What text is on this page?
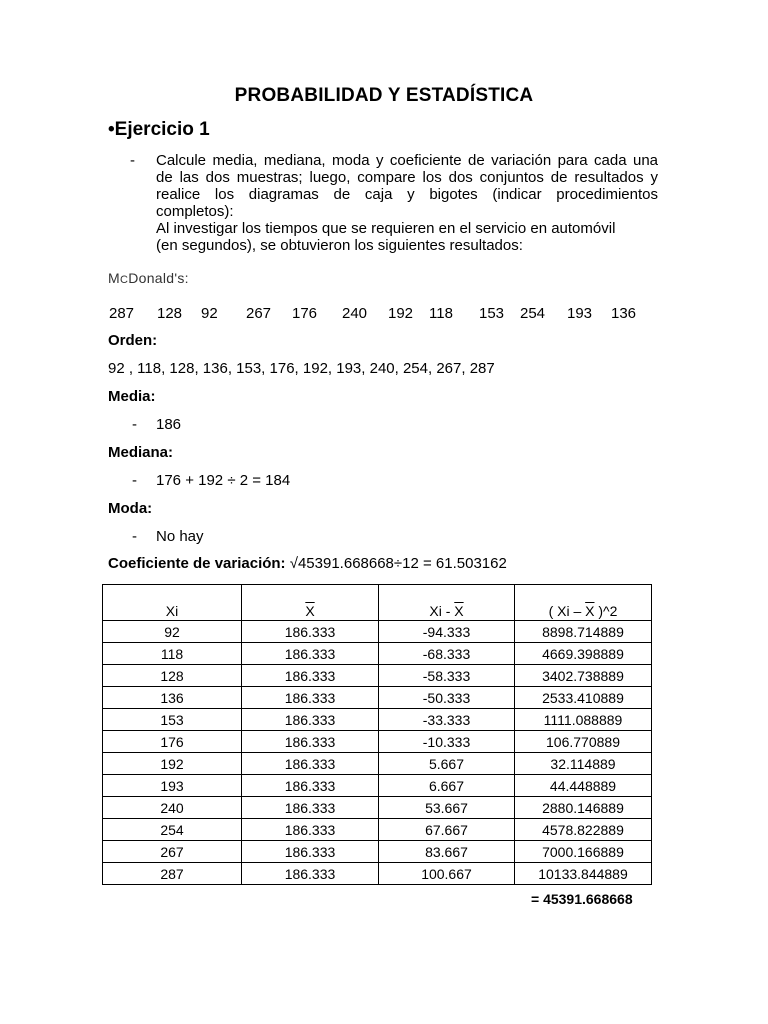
PROBABILIDAD Y ESTADÍSTICA
•Ejercicio 1
- Calcule media, mediana, moda y coeficiente de variación para cada una
de las dos muestras; luego, compare los dos conjuntos de resultados y
realice los diagramas de caja y bigotes (indicar procedimientos
completos):
Al investigar los tiempos que se requieren en el servicio en automóvil
(en segundos), se obtuvieron los siguientes resultados:
MCDonald's:
287 128 92 267 176 240 192 118 153 254 193 136
Orden:
92 , 118, 128, 136, 153, 176, 192, 193, 240, 254, 267, 287
Media:
- 186
Mediana:
- 176 + 192 ÷ 2 = 184
Moda:
- No hay
Coeficiente de variación: √45391.668668÷12 = 61.503162
Xi	$\overline{X}$	Xi - $\overline{X}$	( Xi – $\overline{X}$ )^2
92	186.333	-94.333	8898.714889
118	186.333	-68.333	4669.398889
128	186.333	-58.333	3402.738889
136	186.333	-50.333	2533.410889
153	186.333	-33.333	1111.088889
176	186.333	-10.333	106.770889
192	186.333	5.667	32.114889
193	186.333	6.667	44.448889
240	186.333	53.667	2880.146889
254	186.333	67.667	4578.822889
267	186.333	83.667	7000.166889
287	186.333	100.667	10133.844889
= 45391.668668
